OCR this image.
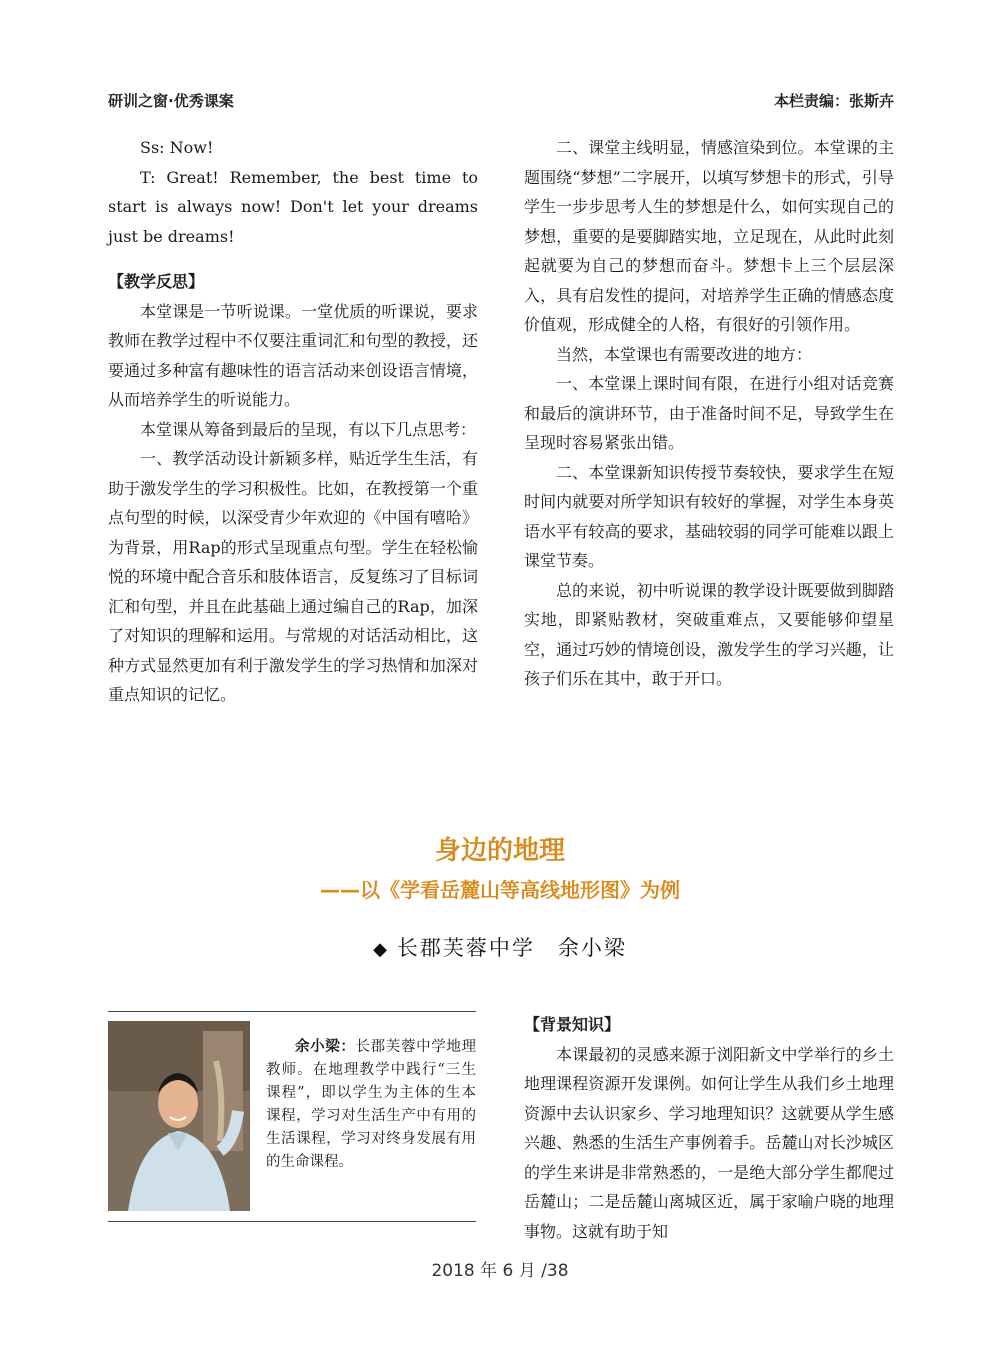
研训之窗·优秀课案	本栏责编：张斯卉

Ss: Now!

T: Great! Remember, the best time to start is always now! Don't let your dreams just be dreams!

【教学反思】

本堂课是一节听说课。一堂优质的听课说，要求教师在教学过程中不仅要注重词汇和句型的教授，还要通过多种富有趣味性的语言活动来创设语言情境，从而培养学生的听说能力。

本堂课从筹备到最后的呈现，有以下几点思考：

一、教学活动设计新颖多样，贴近学生生活，有助于激发学生的学习积极性。比如，在教授第一个重点句型的时候，以深受青少年欢迎的《中国有嘻哈》为背景，用Rap的形式呈现重点句型。学生在轻松愉悦的环境中配合音乐和肢体语言，反复练习了目标词汇和句型，并且在此基础上通过编自己的Rap，加深了对知识的理解和运用。与常规的对话活动相比，这种方式显然更加有利于激发学生的学习热情和加深对重点知识的记忆。

二、课堂主线明显，情感渲染到位。本堂课的主题围绕“梦想”二字展开，以填写梦想卡的形式，引导学生一步步思考人生的梦想是什么，如何实现自己的梦想，重要的是要脚踏实地，立足现在，从此时此刻起就要为自己的梦想而奋斗。梦想卡上三个层层深入，具有启发性的提问，对培养学生正确的情感态度价值观，形成健全的人格，有很好的引领作用。

当然，本堂课也有需要改进的地方：

一、本堂课上课时间有限，在进行小组对话竞赛和最后的演讲环节，由于准备时间不足，导致学生在呈现时容易紧张出错。

二、本堂课新知识传授节奏较快，要求学生在短时间内就要对所学知识有较好的掌握，对学生本身英语水平有较高的要求，基础较弱的同学可能难以跟上课堂节奏。

总的来说，初中听说课的教学设计既要做到脚踏实地，即紧贴教材，突破重难点，又要能够仰望星空，通过巧妙的情境创设，激发学生的学习兴趣，让孩子们乐在其中，敢于开口。

身边的地理
——以《学看岳麓山等高线地形图》为例
◆ 长郡芙蓉中学　余小梁

余小梁：长郡芙蓉中学地理教师。在地理教学中践行“三生课程”，即以学生为主体的生本课程，学习对生活生产中有用的生活课程，学习对终身发展有用的生命课程。

【背景知识】

本课最初的灵感来源于浏阳新文中学举行的乡土地理课程资源开发课例。如何让学生从我们乡土地理资源中去认识家乡、学习地理知识？这就要从学生感兴趣、熟悉的生活生产事例着手。岳麓山对长沙城区的学生来讲是非常熟悉的，一是绝大部分学生都爬过岳麓山；二是岳麓山离城区近，属于家喻户晓的地理事物。这就有助于知

2018 年 6 月 /38
